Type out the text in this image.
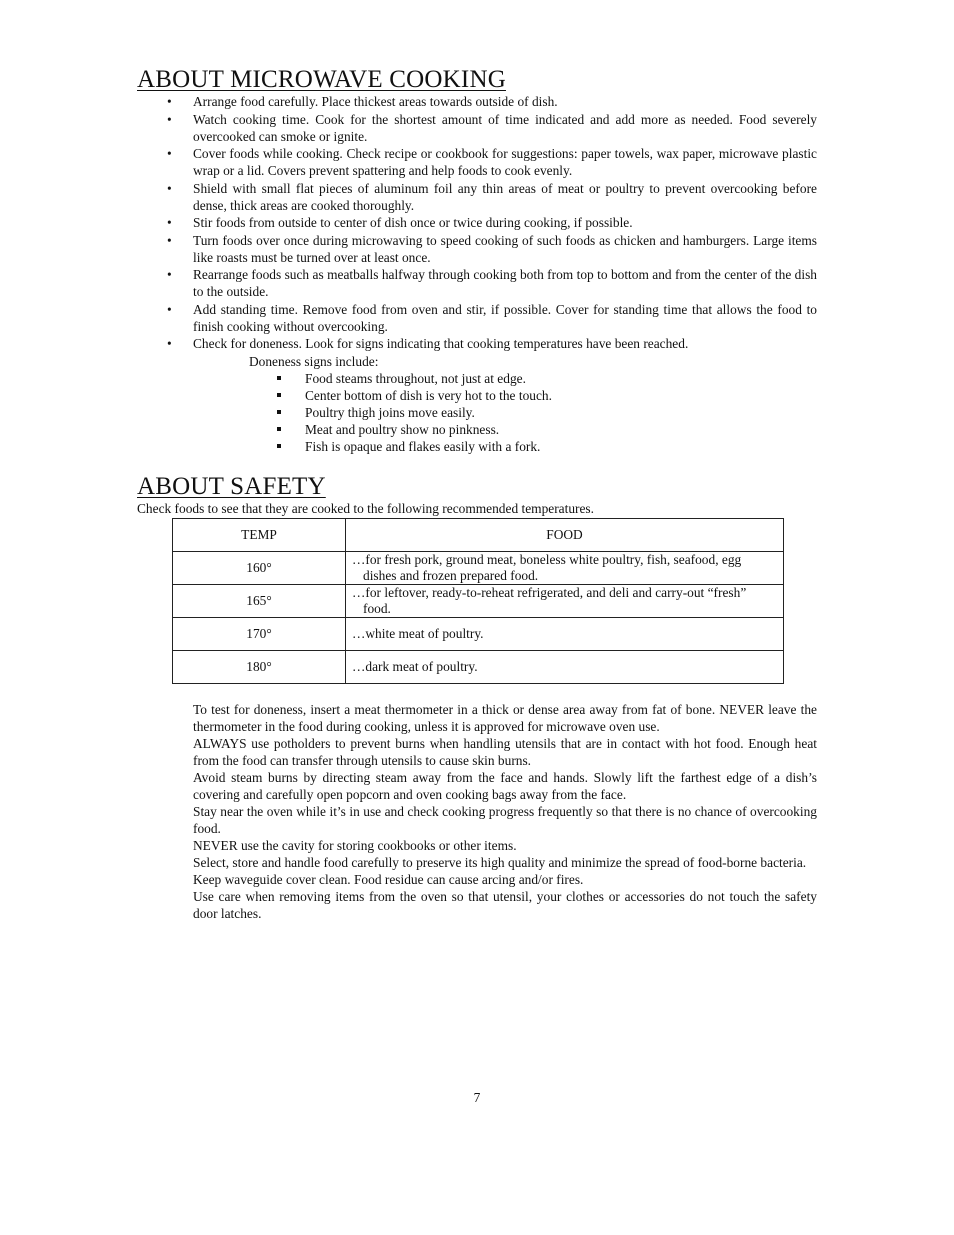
ABOUT MICROWAVE COOKING
• Arrange food carefully. Place thickest areas towards outside of dish.
• Watch cooking time. Cook for the shortest amount of time indicated and add more as needed. Food severely overcooked can smoke or ignite.
• Cover foods while cooking. Check recipe or cookbook for suggestions: paper towels, wax paper, microwave plastic wrap or a lid. Covers prevent spattering and help foods to cook evenly.
• Shield with small flat pieces of aluminum foil any thin areas of meat or poultry to prevent overcooking before dense, thick areas are cooked thoroughly.
• Stir foods from outside to center of dish once or twice during cooking, if possible.
• Turn foods over once during microwaving to speed cooking of such foods as chicken and hamburgers. Large items like roasts must be turned over at least once.
• Rearrange foods such as meatballs halfway through cooking both from top to bottom and from the center of the dish to the outside.
• Add standing time. Remove food from oven and stir, if possible. Cover for standing time that allows the food to finish cooking without overcooking.
• Check for doneness. Look for signs indicating that cooking temperatures have been reached.
Doneness signs include:
Food steams throughout, not just at edge.
Center bottom of dish is very hot to the touch.
Poultry thigh joins move easily.
Meat and poultry show no pinkness.
Fish is opaque and flakes easily with a fork.
ABOUT SAFETY

Check foods to see that they are cooked to the following recommended temperatures.

TEMP	FOOD
160°	…for fresh pork, ground meat, boneless white poultry, fish, seafood, egg dishes and frozen prepared food.

165°	…for leftover, ready-to-reheat refrigerated, and deli and carry-out “fresh” food.

170°	…white meat of poultry.

180°	…dark meat of poultry.

To test for doneness, insert a meat thermometer in a thick or dense area away from fat of bone. NEVER leave the thermometer in the food during cooking, unless it is approved for microwave oven use.

ALWAYS use potholders to prevent burns when handling utensils that are in contact with hot food. Enough heat from the food can transfer through utensils to cause skin burns.

Avoid steam burns by directing steam away from the face and hands. Slowly lift the farthest edge of a dish’s covering and carefully open popcorn and oven cooking bags away from the face.

Stay near the oven while it’s in use and check cooking progress frequently so that there is no chance of overcooking food.

NEVER use the cavity for storing cookbooks or other items.

Select, store and handle food carefully to preserve its high quality and minimize the spread of food-borne bacteria.

Keep waveguide cover clean. Food residue can cause arcing and/or fires.

Use care when removing items from the oven so that utensil, your clothes or accessories do not touch the safety door latches.

7
